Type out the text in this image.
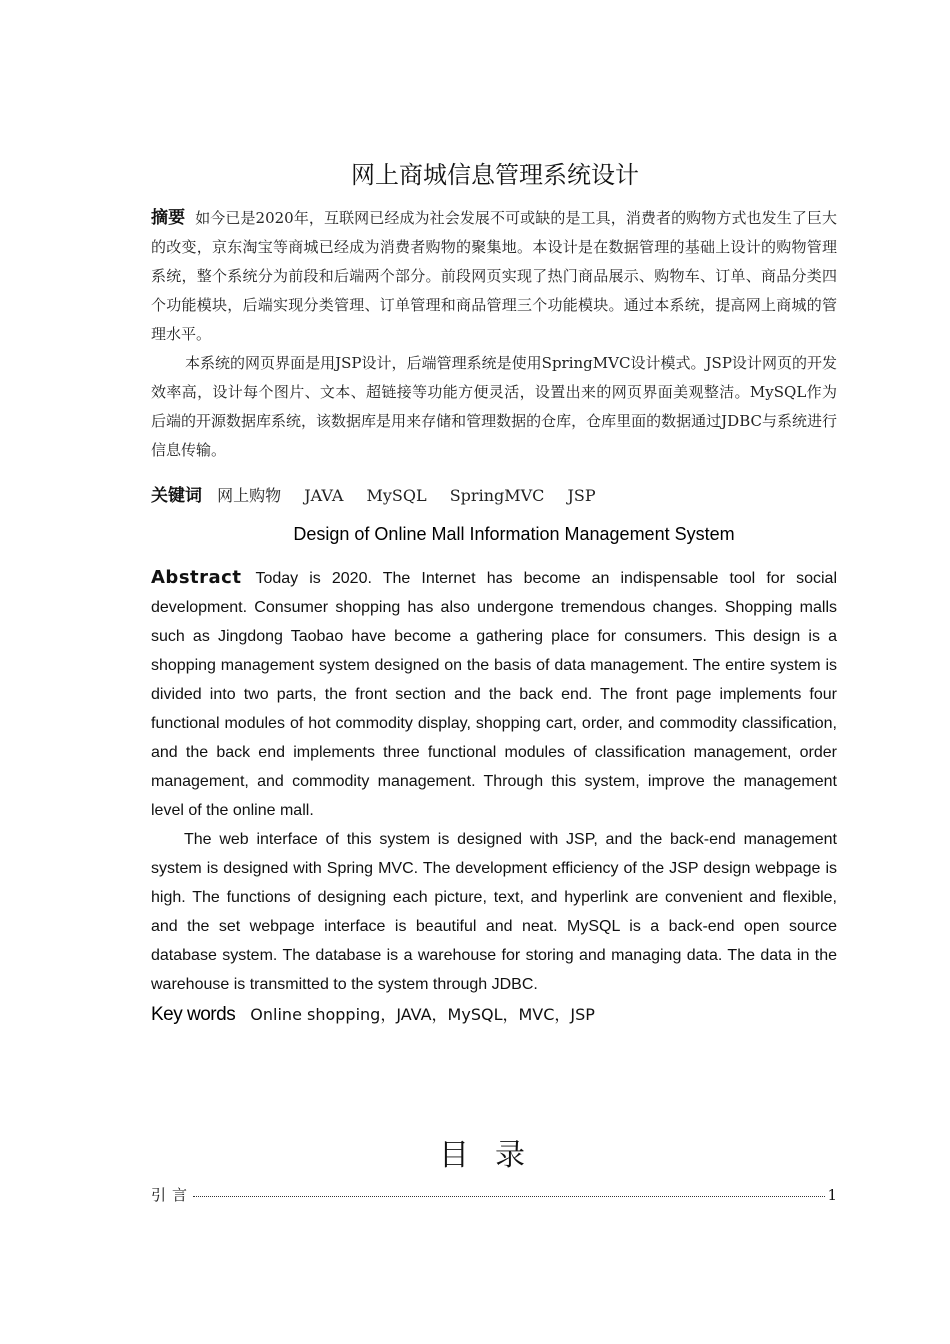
网上商城信息管理系统设计

摘要 如今已是2020年，互联网已经成为社会发展不可或缺的是工具，消费者的购物方式也发生了巨大的改变，京东淘宝等商城已经成为消费者购物的聚集地。本设计是在数据管理的基础上设计的购物管理系统，整个系统分为前段和后端两个部分。前段网页实现了热门商品展示、购物车、订单、商品分类四个功能模块，后端实现分类管理、订单管理和商品管理三个功能模块。通过本系统，提高网上商城的管理水平。

本系统的网页界面是用JSP设计，后端管理系统是使用SpringMVC设计模式。JSP设计网页的开发效率高，设计每个图片、文本、超链接等功能方便灵活，设置出来的网页界面美观整洁。MySQL作为后端的开源数据库系统，该数据库是用来存储和管理数据的仓库，仓库里面的数据通过JDBC与系统进行信息传输。

关键词 网上购物 JAVA MySQL SpringMVC JSP
Design of Online Mall Information Management System

Abstract Today is 2020. The Internet has become an indispensable tool for social development. Consumer shopping has also undergone tremendous changes. Shopping malls such as Jingdong Taobao have become a gathering place for consumers. This design is a shopping management system designed on the basis of data management. The entire system is divided into two parts, the front section and the back end. The front page implements four functional modules of hot commodity display, shopping cart, order, and commodity classification, and the back end implements three functional modules of classification management, order management, and commodity management. Through this system, improve the management level of the online mall.

The web interface of this system is designed with JSP, and the back-end management system is designed with Spring MVC. The development efficiency of the JSP design webpage is high. The functions of designing each picture, text, and hyperlink are convenient and flexible, and the set webpage interface is beautiful and neat. MySQL is a back-end open source database system. The database is a warehouse for storing and managing data. The data in the warehouse is transmitted to the system through JDBC.

Key words Online shopping，JAVA，MySQL，MVC，JSP
目录
引言	1
